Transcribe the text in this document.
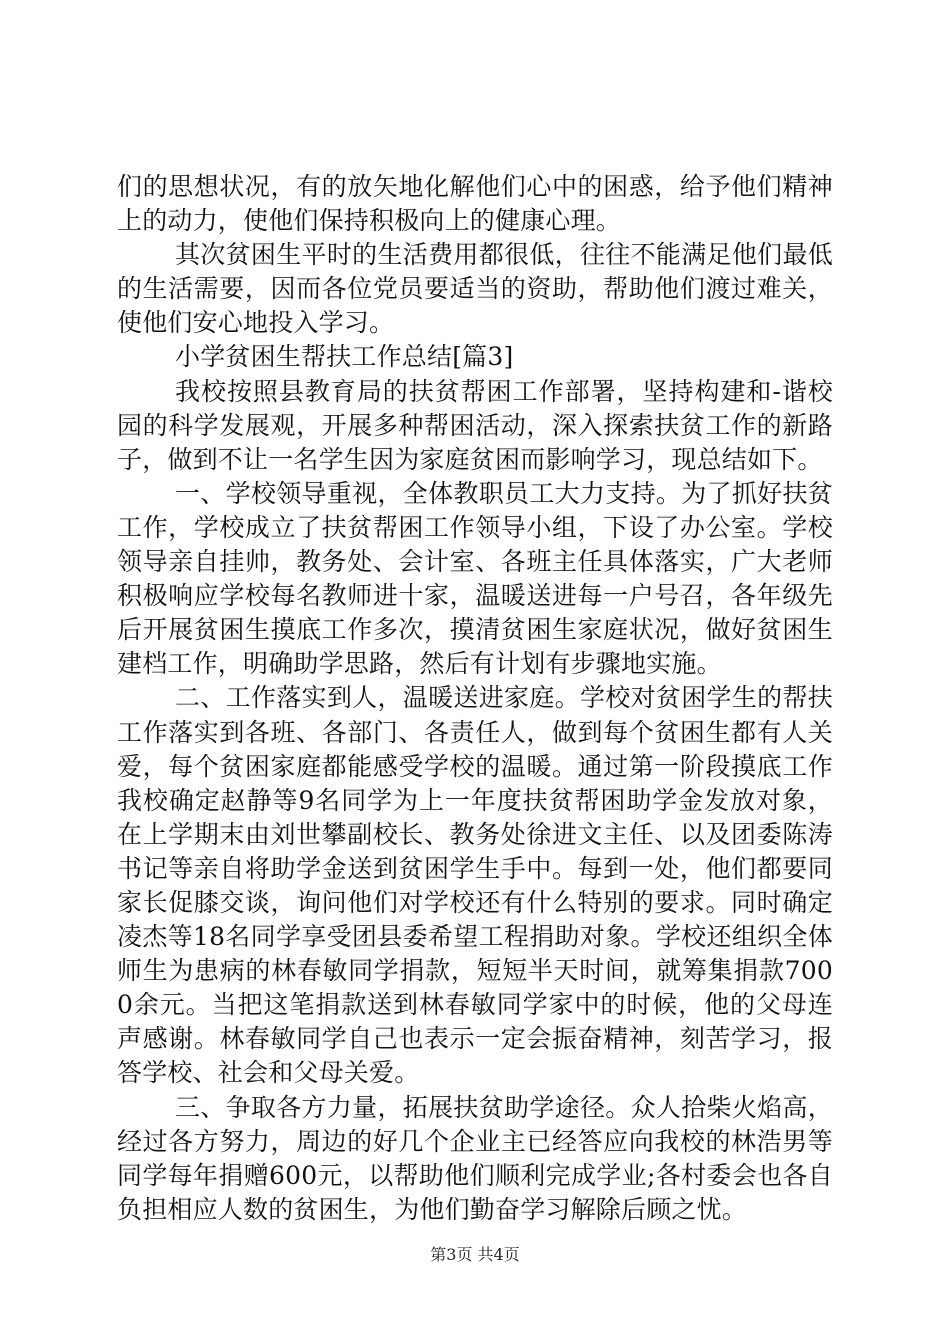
们的思想状况，有的放矢地化解他们心中的困惑，给予他们精神上的动力，使他们保持积极向上的健康心理。

其次贫困生平时的生活费用都很低，往往不能满足他们最低的生活需要，因而各位党员要适当的资助，帮助他们渡过难关，使他们安心地投入学习。

小学贫困生帮扶工作总结[篇3]

我校按照县教育局的扶贫帮困工作部署，坚持构建和-谐校园的科学发展观，开展多种帮困活动，深入探索扶贫工作的新路子，做到不让一名学生因为家庭贫困而影响学习，现总结如下。

一、学校领导重视，全体教职员工大力支持。为了抓好扶贫工作，学校成立了扶贫帮困工作领导小组，下设了办公室。学校领导亲自挂帅，教务处、会计室、各班主任具体落实，广大老师积极响应学校每名教师进十家，温暖送进每一户号召，各年级先后开展贫困生摸底工作多次，摸清贫困生家庭状况，做好贫困生建档工作，明确助学思路，然后有计划有步骤地实施。

二、工作落实到人，温暖送进家庭。学校对贫困学生的帮扶工作落实到各班、各部门、各责任人，做到每个贫困生都有人关爱，每个贫困家庭都能感受学校的温暖。通过第一阶段摸底工作我校确定赵静等9名同学为上一年度扶贫帮困助学金发放对象，在上学期末由刘世攀副校长、教务处徐进文主任、以及团委陈涛书记等亲自将助学金送到贫困学生手中。每到一处，他们都要同家长促膝交谈，询问他们对学校还有什么特别的要求。同时确定凌杰等18名同学享受团县委希望工程捐助对象。学校还组织全体师生为患病的林春敏同学捐款，短短半天时间，就筹集捐款7000余元。当把这笔捐款送到林春敏同学家中的时候，他的父母连声感谢。林春敏同学自己也表示一定会振奋精神，刻苦学习，报答学校、社会和父母关爱。

三、争取各方力量，拓展扶贫助学途径。众人拾柴火焰高，经过各方努力，周边的好几个企业主已经答应向我校的林浩男等同学每年捐赠600元，以帮助他们顺利完成学业;各村委会也各自负担相应人数的贫困生，为他们勤奋学习解除后顾之忧。

第3页 共4页
